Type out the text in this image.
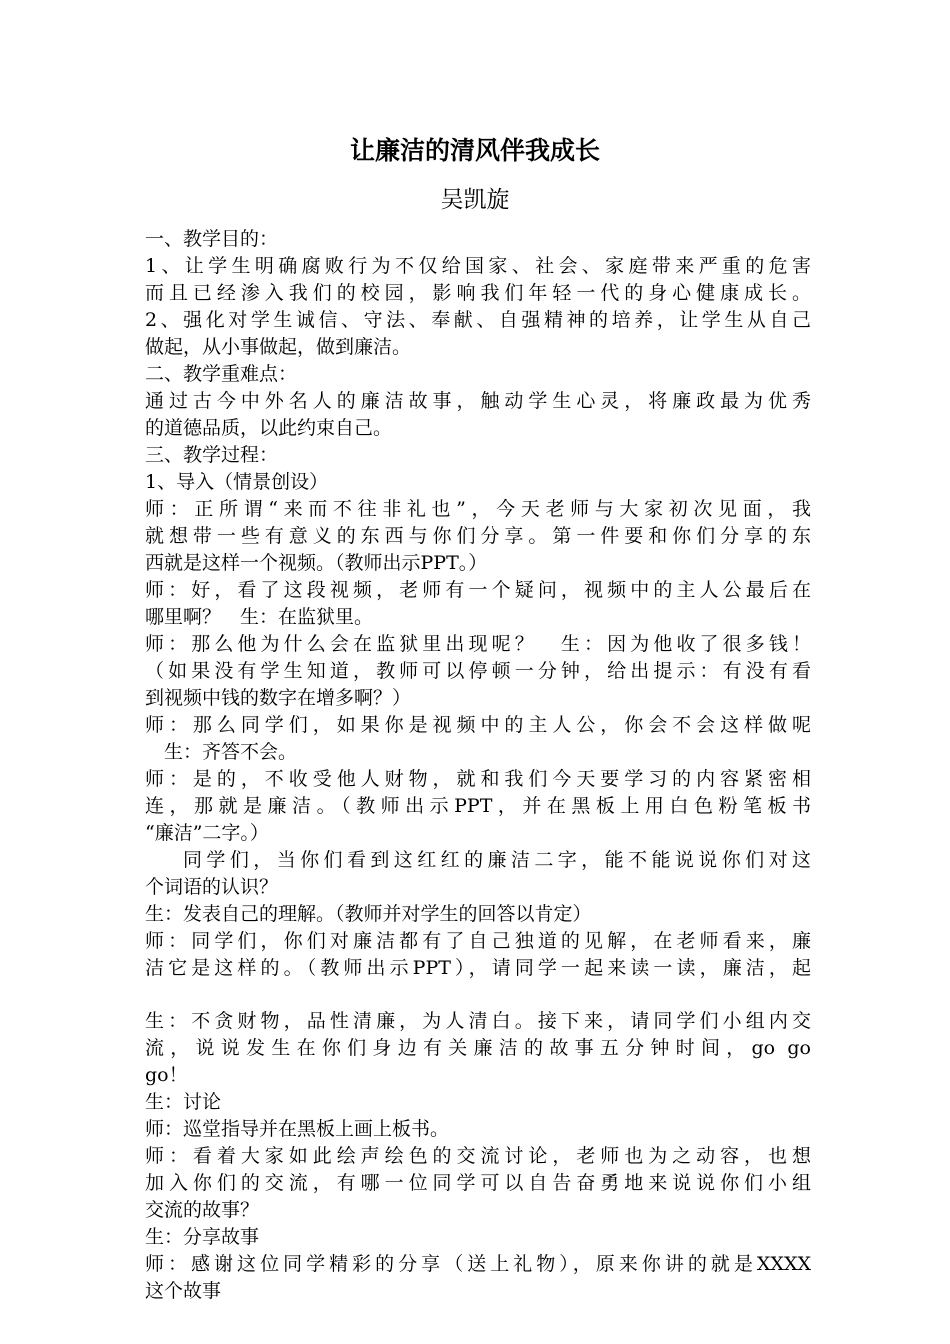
让廉洁的清风伴我成长
吴凯旋
一、教学目的：
1、让学生明确腐败行为不仅给国家、社会、家庭带来严重的危害
而且已经渗入我们的校园，影响我们年轻一代的身心健康成长。
2、强化对学生诚信、守法、奉献、自强精神的培养，让学生从自己
做起，从小事做起，做到廉洁。
二、教学重难点：
通过古今中外名人的廉洁故事，触动学生心灵，将廉政最为优秀
的道德品质，以此约束自己。
三、教学过程：
1、导入（情景创设）
师：正所谓“来而不往非礼也”，今天老师与大家初次见面，我
就想带一些有意义的东西与你们分享。第一件要和你们分享的东
西就是这样一个视频。（教师出示PPT。）
师：好，看了这段视频，老师有一个疑问，视频中的主人公最后在
哪里啊？　生：在监狱里。
师：那么他为什么会在监狱里出现呢？　生：因为他收了很多钱！
（如果没有学生知道，教师可以停顿一分钟，给出提示：有没有看
到视频中钱的数字在增多啊？）
师：那么同学们，如果你是视频中的主人公，你会不会这样做呢
　生：齐答不会。
师：是的，不收受他人财物，就和我们今天要学习的内容紧密相
连，那就是廉洁。（教师出示PPT，并在黑板上用白色粉笔板书
“廉洁”二字。）
同学们，当你们看到这红红的廉洁二字，能不能说说你们对这
个词语的认识？
生：发表自己的理解。（教师并对学生的回答以肯定）
师：同学们，你们对廉洁都有了自己独道的见解，在老师看来，廉
洁它是这样的。（教师出示PPT），请同学一起来读一读，廉洁，起
生：不贪财物，品性清廉，为人清白。接下来，请同学们小组内交
流，说说发生在你们身边有关廉洁的故事五分钟时间，go go
go！
生：讨论
师：巡堂指导并在黑板上画上板书。
师：看着大家如此绘声绘色的交流讨论，老师也为之动容，也想
加入你们的交流，有哪一位同学可以自告奋勇地来说说你们小组
交流的故事？
生：分享故事
师：感谢这位同学精彩的分享（送上礼物），原来你讲的就是XXXX
这个故事
